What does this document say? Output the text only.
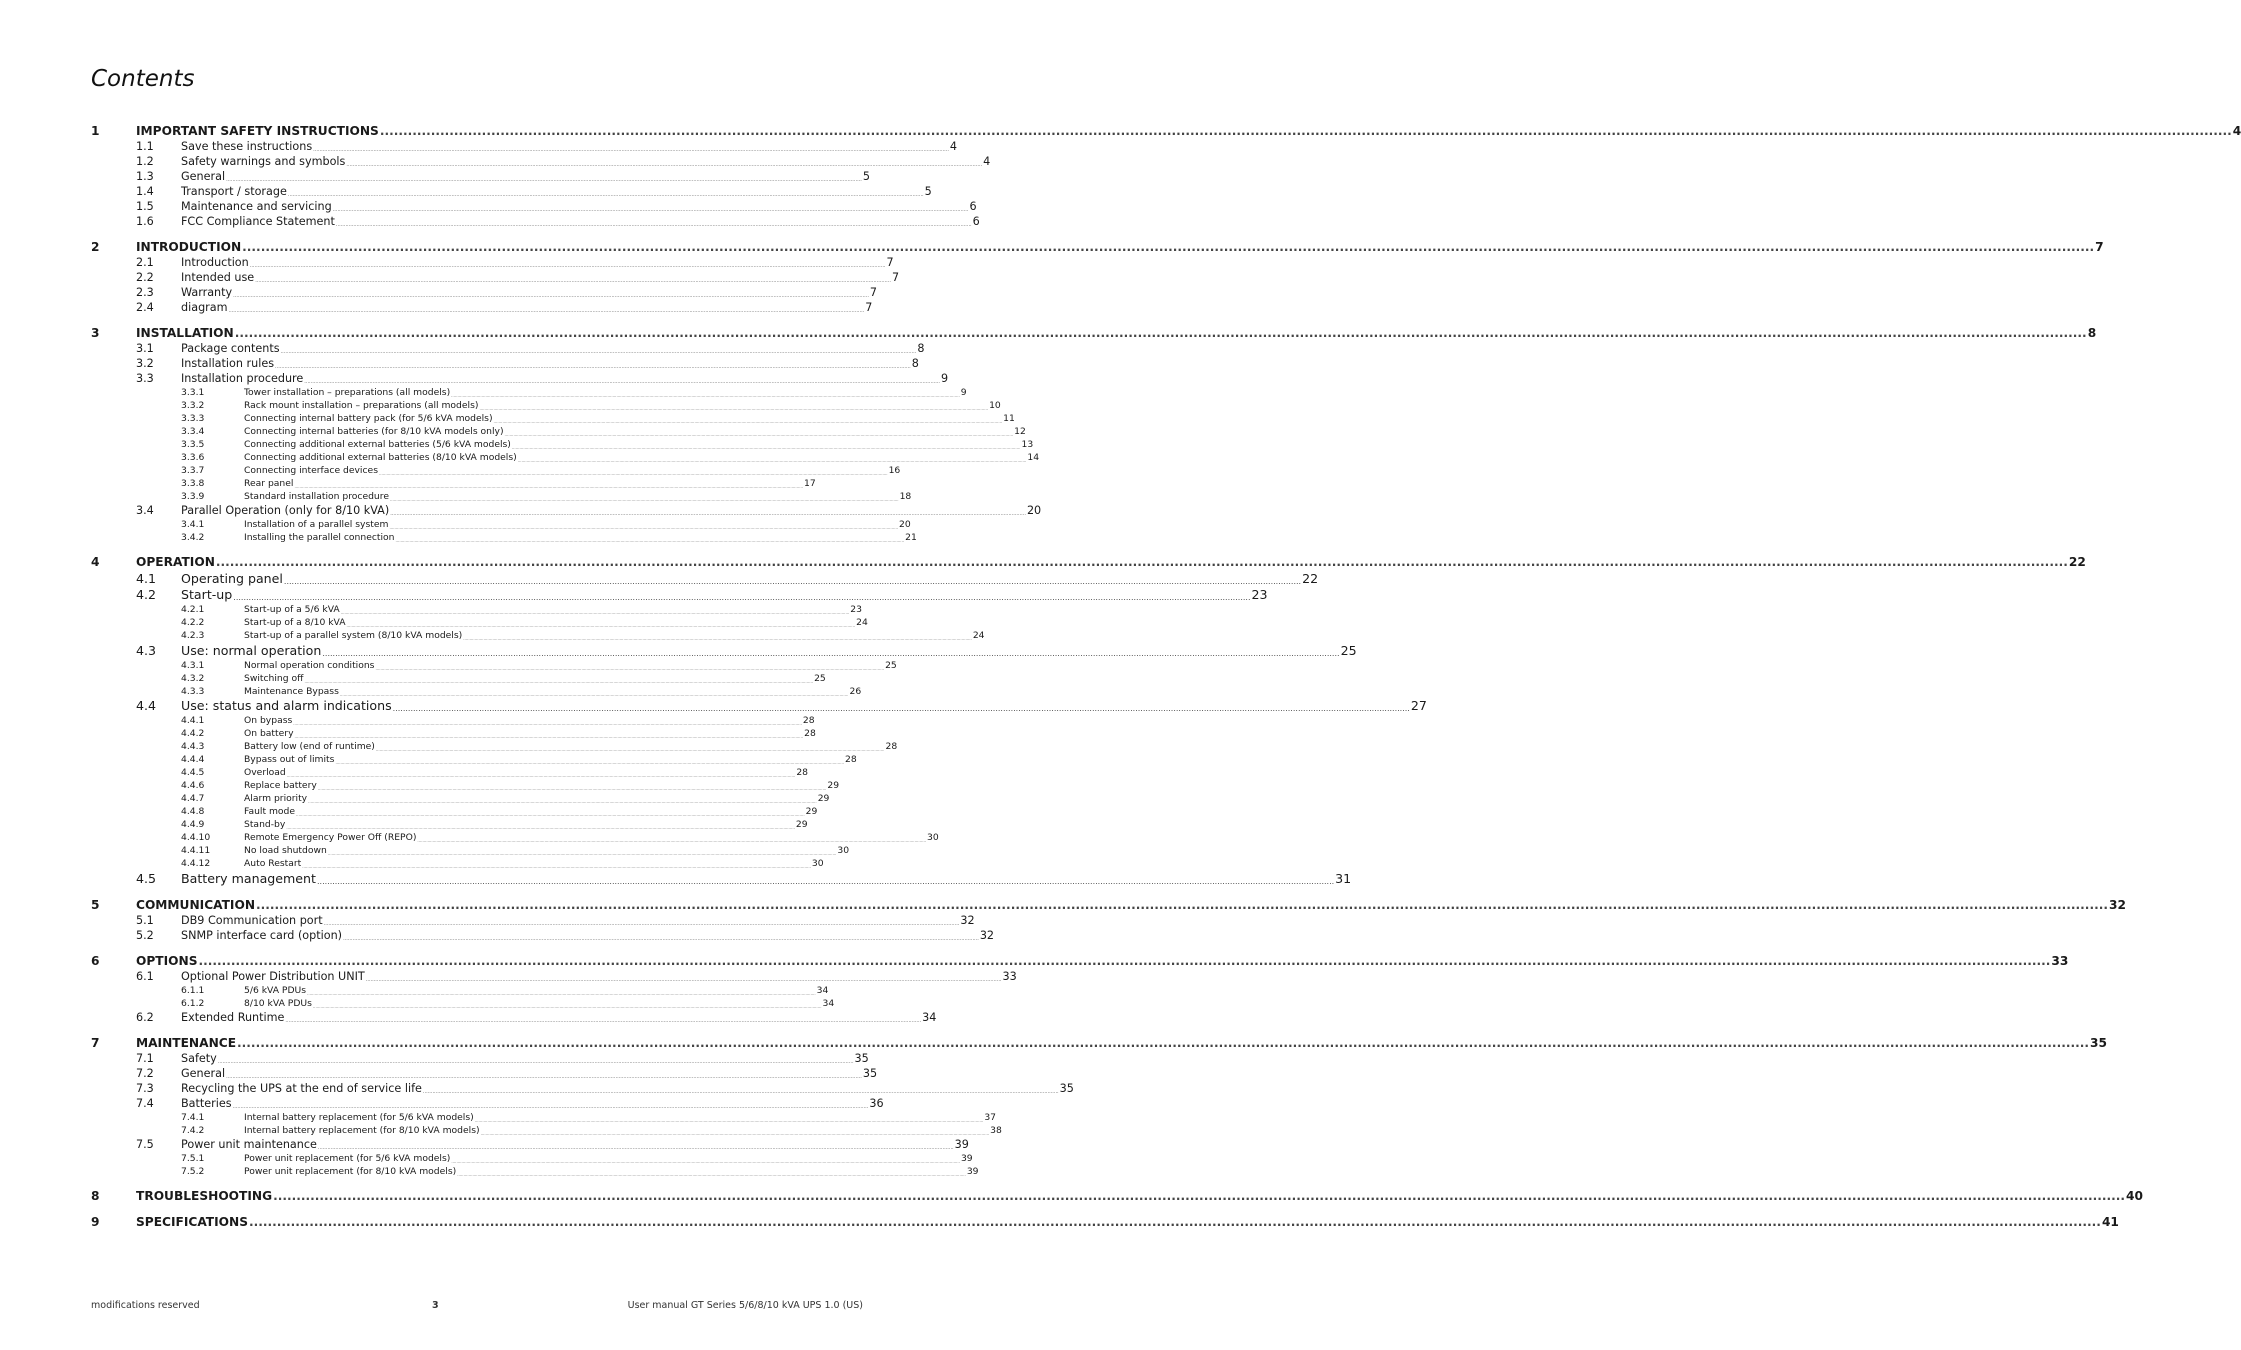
Contents
1	IMPORTANT SAFETY INSTRUCTIONS ................................................................................................................................................................................................................................................................................................................................................................................................................ 4
1.1 Save these instructions ................................................................................................................................................................................................................................................................................................................................................................................................................ 4
1.2 Safety warnings and symbols ................................................................................................................................................................................................................................................................................................................................................................................................................ 4
1.3 General ................................................................................................................................................................................................................................................................................................................................................................................................................ 5
1.4 Transport / storage ................................................................................................................................................................................................................................................................................................................................................................................................................ 5
1.5 Maintenance and servicing ................................................................................................................................................................................................................................................................................................................................................................................................................ 6
1.6 FCC Compliance Statement ................................................................................................................................................................................................................................................................................................................................................................................................................ 6
2	INTRODUCTION ................................................................................................................................................................................................................................................................................................................................................................................................................ 7
2.1 Introduction ................................................................................................................................................................................................................................................................................................................................................................................................................ 7
2.2 Intended use ................................................................................................................................................................................................................................................................................................................................................................................................................ 7
2.3 Warranty ................................................................................................................................................................................................................................................................................................................................................................................................................ 7
2.4 diagram ................................................................................................................................................................................................................................................................................................................................................................................................................ 7
3	INSTALLATION ................................................................................................................................................................................................................................................................................................................................................................................................................ 8
3.1 Package contents ................................................................................................................................................................................................................................................................................................................................................................................................................ 8
3.2 Installation rules ................................................................................................................................................................................................................................................................................................................................................................................................................ 8
3.3 Installation procedure ................................................................................................................................................................................................................................................................................................................................................................................................................ 9
3.3.1	Tower installation – preparations (all models) ................................................................................................................................................................................................................................................................................................................................................................................................................ 9
3.3.2	Rack mount installation – preparations (all models) ................................................................................................................................................................................................................................................................................................................................................................................................................ 10
3.3.3	Connecting internal battery pack (for 5/6 kVA models) ................................................................................................................................................................................................................................................................................................................................................................................................................ 11
3.3.4	Connecting internal batteries (for 8/10 kVA models only) ................................................................................................................................................................................................................................................................................................................................................................................................................ 12
3.3.5	Connecting additional external batteries (5/6 kVA models) ................................................................................................................................................................................................................................................................................................................................................................................................................ 13
3.3.6	Connecting additional external batteries (8/10 kVA models) ................................................................................................................................................................................................................................................................................................................................................................................................................ 14
3.3.7	Connecting interface devices ................................................................................................................................................................................................................................................................................................................................................................................................................ 16
3.3.8	Rear panel ................................................................................................................................................................................................................................................................................................................................................................................................................ 17
3.3.9	Standard installation procedure ................................................................................................................................................................................................................................................................................................................................................................................................................ 18
3.4 Parallel Operation (only for 8/10 kVA) ................................................................................................................................................................................................................................................................................................................................................................................................................ 20
3.4.1	Installation of a parallel system ................................................................................................................................................................................................................................................................................................................................................................................................................ 20
3.4.2	Installing the parallel connection ................................................................................................................................................................................................................................................................................................................................................................................................................ 21
4	OPERATION ................................................................................................................................................................................................................................................................................................................................................................................................................ 22
4.1 Operating panel ................................................................................................................................................................................................................................................................................................................................................................................................................ 22
4.2 Start-up ................................................................................................................................................................................................................................................................................................................................................................................................................ 23
4.2.1	Start-up of a 5/6 kVA ................................................................................................................................................................................................................................................................................................................................................................................................................ 23
4.2.2	Start-up of a 8/10 kVA ................................................................................................................................................................................................................................................................................................................................................................................................................ 24
4.2.3	Start-up of a parallel system (8/10 kVA models) ................................................................................................................................................................................................................................................................................................................................................................................................................ 24
4.3 Use: normal operation ................................................................................................................................................................................................................................................................................................................................................................................................................ 25
4.3.1	Normal operation conditions ................................................................................................................................................................................................................................................................................................................................................................................................................ 25
4.3.2	Switching off ................................................................................................................................................................................................................................................................................................................................................................................................................ 25
4.3.3	Maintenance Bypass ................................................................................................................................................................................................................................................................................................................................................................................................................ 26
4.4 Use: status and alarm indications ................................................................................................................................................................................................................................................................................................................................................................................................................ 27
4.4.1	On bypass ................................................................................................................................................................................................................................................................................................................................................................................................................ 28
4.4.2	On battery ................................................................................................................................................................................................................................................................................................................................................................................................................ 28
4.4.3	Battery low (end of runtime) ................................................................................................................................................................................................................................................................................................................................................................................................................ 28
4.4.4	Bypass out of limits ................................................................................................................................................................................................................................................................................................................................................................................................................ 28
4.4.5	Overload ................................................................................................................................................................................................................................................................................................................................................................................................................ 28
4.4.6	Replace battery ................................................................................................................................................................................................................................................................................................................................................................................................................ 29
4.4.7	Alarm priority ................................................................................................................................................................................................................................................................................................................................................................................................................ 29
4.4.8	Fault mode ................................................................................................................................................................................................................................................................................................................................................................................................................ 29
4.4.9	Stand-by ................................................................................................................................................................................................................................................................................................................................................................................................................ 29
4.4.10	Remote Emergency Power Off (REPO) ................................................................................................................................................................................................................................................................................................................................................................................................................ 30
4.4.11	No load shutdown ................................................................................................................................................................................................................................................................................................................................................................................................................ 30
4.4.12	Auto Restart ................................................................................................................................................................................................................................................................................................................................................................................................................ 30
4.5 Battery management ................................................................................................................................................................................................................................................................................................................................................................................................................ 31
5	COMMUNICATION ................................................................................................................................................................................................................................................................................................................................................................................................................ 32
5.1 DB9 Communication port ................................................................................................................................................................................................................................................................................................................................................................................................................ 32
5.2 SNMP interface card (option) ................................................................................................................................................................................................................................................................................................................................................................................................................ 32
6	OPTIONS ................................................................................................................................................................................................................................................................................................................................................................................................................ 33
6.1 Optional Power Distribution UNIT ................................................................................................................................................................................................................................................................................................................................................................................................................ 33
6.1.1	5/6 kVA PDUs ................................................................................................................................................................................................................................................................................................................................................................................................................ 34
6.1.2	8/10 kVA PDUs ................................................................................................................................................................................................................................................................................................................................................................................................................ 34
6.2 Extended Runtime ................................................................................................................................................................................................................................................................................................................................................................................................................ 34
7	MAINTENANCE ................................................................................................................................................................................................................................................................................................................................................................................................................ 35
7.1 Safety ................................................................................................................................................................................................................................................................................................................................................................................................................ 35
7.2 General ................................................................................................................................................................................................................................................................................................................................................................................................................ 35
7.3 Recycling the UPS at the end of service life ................................................................................................................................................................................................................................................................................................................................................................................................................ 35
7.4 Batteries ................................................................................................................................................................................................................................................................................................................................................................................................................ 36
7.4.1	Internal battery replacement (for 5/6 kVA models) ................................................................................................................................................................................................................................................................................................................................................................................................................ 37
7.4.2	Internal battery replacement (for 8/10 kVA models) ................................................................................................................................................................................................................................................................................................................................................................................................................ 38
7.5 Power unit maintenance ................................................................................................................................................................................................................................................................................................................................................................................................................ 39
7.5.1	Power unit replacement (for 5/6 kVA models) ................................................................................................................................................................................................................................................................................................................................................................................................................ 39
7.5.2	Power unit replacement (for 8/10 kVA models) ................................................................................................................................................................................................................................................................................................................................................................................................................ 39
8	TROUBLESHOOTING ................................................................................................................................................................................................................................................................................................................................................................................................................ 40
9	SPECIFICATIONS ................................................................................................................................................................................................................................................................................................................................................................................................................ 41
modifications reserved	3	User manual GT Series 5/6/8/10 kVA UPS 1.0 (US)
